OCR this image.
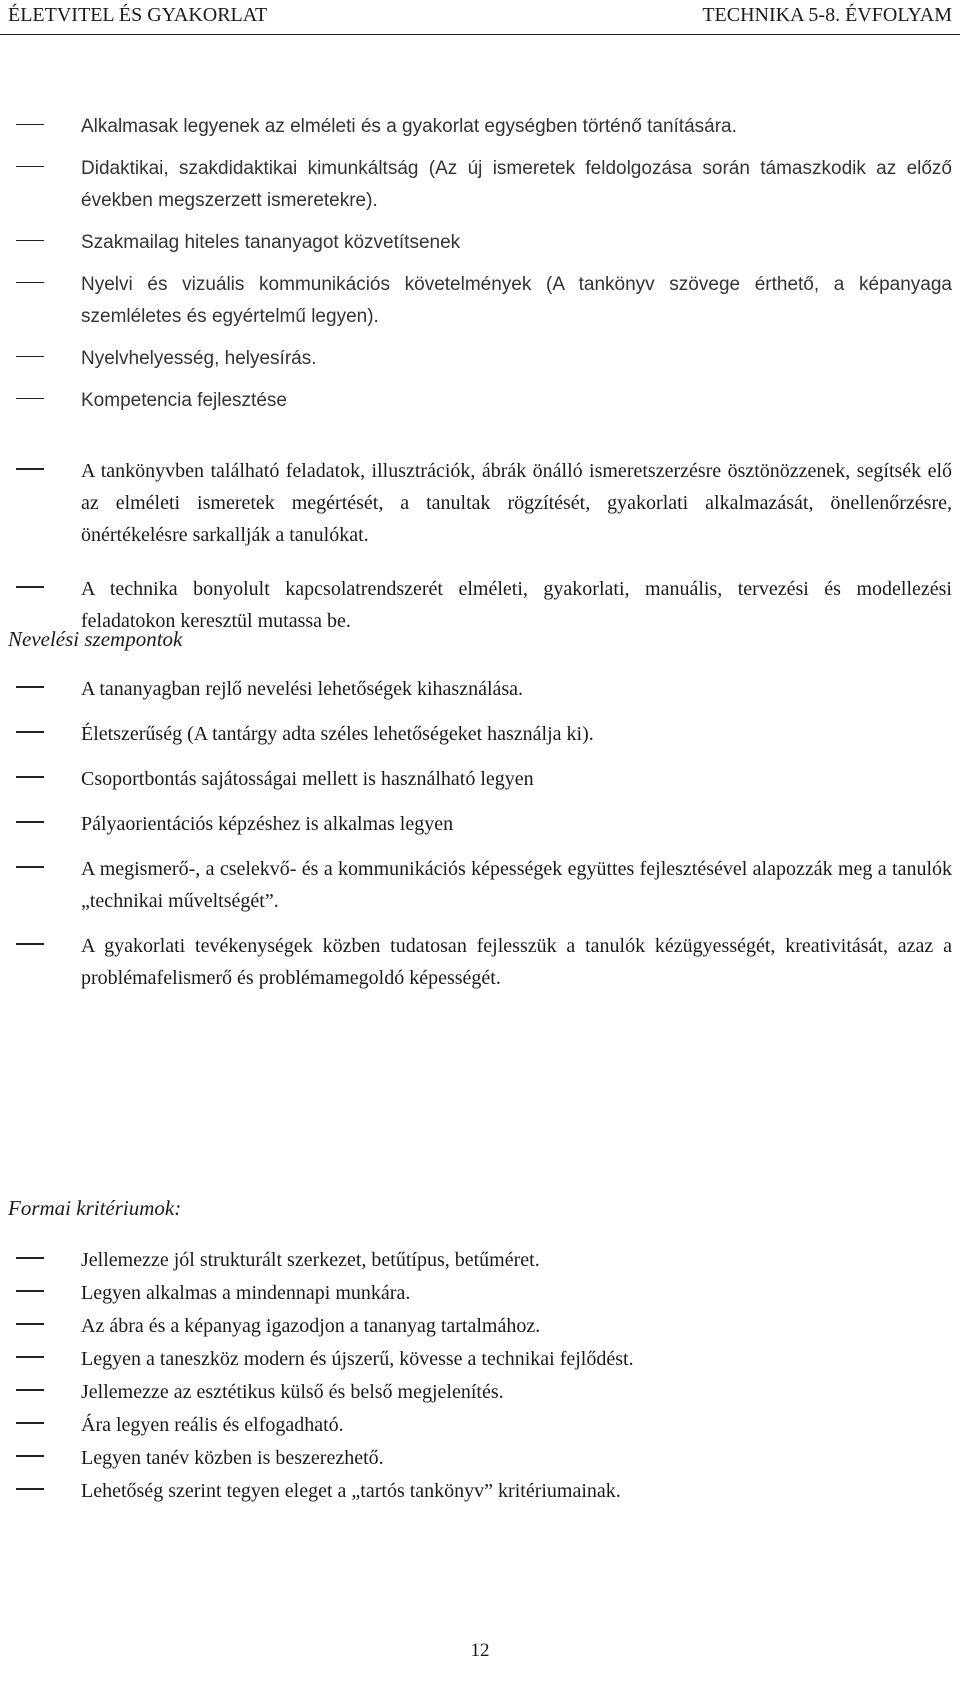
ÉLETVITEL ÉS GYAKORLAT	TECHNIKA 5-8. ÉVFOLYAM

Alkalmasak legyenek az elméleti és a gyakorlat egységben történő tanítására.

Didaktikai, szakdidaktikai kimunkáltság (Az új ismeretek feldolgozása során támaszkodik az előző években megszerzett ismeretekre).

Szakmailag hiteles tananyagot közvetítsenek

Nyelvi és vizuális kommunikációs követelmények (A tankönyv szövege érthető, a képanyaga szemléletes és egyértelmű legyen).

Nyelvhelyesség, helyesírás.

Kompetencia fejlesztése

A tankönyvben található feladatok, illusztrációk, ábrák önálló ismeretszerzésre ösztönözzenek, segítsék elő az elméleti ismeretek megértését, a tanultak rögzítését, gyakorlati alkalmazását, önellenőrzésre, önértékelésre sarkallják a tanulókat.

A technika bonyolult kapcsolatrendszerét elméleti, gyakorlati, manuális, tervezési és modellezési feladatokon keresztül mutassa be.

Nevelési szempontok

A tananyagban rejlő nevelési lehetőségek kihasználása.

Életszerűség (A tantárgy adta széles lehetőségeket használja ki).

Csoportbontás sajátosságai mellett is használható legyen

Pályaorientációs képzéshez is alkalmas legyen

A megismerő-, a cselekvő- és a kommunikációs képességek együttes fejlesztésével alapozzák meg a tanulók „technikai műveltségét”.

A gyakorlati tevékenységek közben tudatosan fejlesszük a tanulók kézügyességét, kreativitását, azaz a problémafelismerő és problémamegoldó képességét.

Formai kritériumok:

Jellemezze jól strukturált szerkezet, betűtípus, betűméret.

Legyen alkalmas a mindennapi munkára.

Az ábra és a képanyag igazodjon a tananyag tartalmához.

Legyen a taneszköz modern és újszerű, kövesse a technikai fejlődést.

Jellemezze az esztétikus külső és belső megjelenítés.

Ára legyen reális és elfogadható.

Legyen tanév közben is beszerezhető.

Lehetőség szerint tegyen eleget a „tartós tankönyv” kritériumainak.

12
